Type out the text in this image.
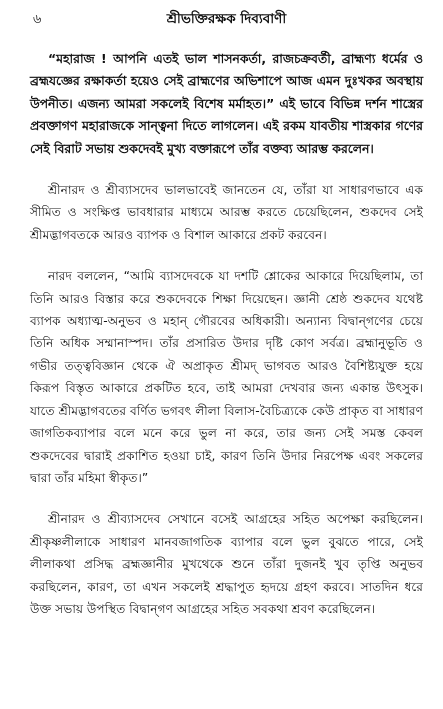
৬	শ্রীভক্তিরক্ষক দিব্যবাণী

“মহারাজ ! আপনি এতই ভাল শাসনকর্তা, রাজচক্রবর্তী, ব্রাহ্মণ্য ধর্মের ও ব্রহ্মযজ্ঞের রক্ষাকর্তা হয়েও সেই ব্রাহ্মণের অভিশাপে আজ এমন দুঃখকর অবস্থায় উপনীত। এজন্য আমরা সকলেই বিশেষ মর্মাহত।” এই ভাবে বিভিন্ন দর্শন শাস্ত্রের প্রবক্তাগণ মহারাজকে সান্ত্বনা দিতে লাগলেন। এই রকম যাবতীয় শাস্ত্রকার গণের সেই বিরাট সভায় শুকদেবই মুখ্য বক্তারূপে তাঁর বক্তব্য আরম্ভ করলেন।

শ্রীনারদ ও শ্রীব্যাসদেব ভালভাবেই জানতেন যে, তাঁরা যা সাধারণভাবে এক সীমিত ও সংক্ষিপ্ত ভাবধারার মাধ্যমে আরম্ভ করতে চেয়েছিলেন, শুকদেব সেই শ্রীমদ্ভাগবতকে আরও ব্যাপক ও বিশাল আকারে প্রকট করবেন।

নারদ বললেন, “আমি ব্যাসদেবকে যা দশটি শ্লোকের আকারে দিয়েছিলাম, তা তিনি আরও বিস্তার করে শুকদেবকে শিক্ষা দিয়েছেন। জ্ঞানী শ্রেষ্ঠ শুকদেব যথেষ্ট ব্যাপক অধ্যাত্ম-অনুভব ও মহান্ গৌরবের অধিকারী। অন্যান্য বিদ্বান্‌গণের চেয়ে তিনি অধিক সম্মানাস্পদ। তাঁর প্রসারিত উদার দৃষ্টি কোণ সর্বত্র। ব্রহ্মানুভূতি ও গভীর তত্ত্ববিজ্ঞান থেকে ঐ অপ্রাকৃত শ্রীমদ্ ভাগবত আরও বৈশিষ্ট্যযুক্ত হয়ে কিরূপ বিস্তৃত আকারে প্রকটিত হবে, তাই আমরা দেখবার জন্য একান্ত উৎসুক। যাতে শ্রীমদ্ভাগবতের বর্ণিত ভগবৎ লীলা বিলাস-বৈচিত্র্যকে কেউ প্রাকৃত বা সাধারণ জাগতিকব্যাপার বলে মনে করে ভুল না করে, তার জন্য সেই সমস্ত কেবল শুকদেবের দ্বারাই প্রকাশিত হওয়া চাই, কারণ তিনি উদার নিরপেক্ষ এবং সকলের দ্বারা তাঁর মহিমা স্বীকৃত।”

শ্রীনারদ ও শ্রীব্যাসদেব সেখানে বসেই আগ্রহের সহিত অপেক্ষা করছিলেন। শ্রীকৃষ্ণলীলাকে সাধারণ মানবজাগতিক ব্যাপার বলে ভুল বুঝতে পারে, সেই লীলাকথা প্রসিদ্ধ ব্রহ্মজ্ঞানীর মুখথেকে শুনে তাঁরা দুজনই খুব তৃপ্তি অনুভব করছিলেন, কারণ, তা এখন সকলেই শ্রদ্ধাপুত হৃদয়ে গ্রহণ করবে। সাতদিন ধরে উক্ত সভায় উপস্থিত বিদ্বান্‌গণ আগ্রহের সহিত সবকথা শ্রবণ করেছিলেন।
